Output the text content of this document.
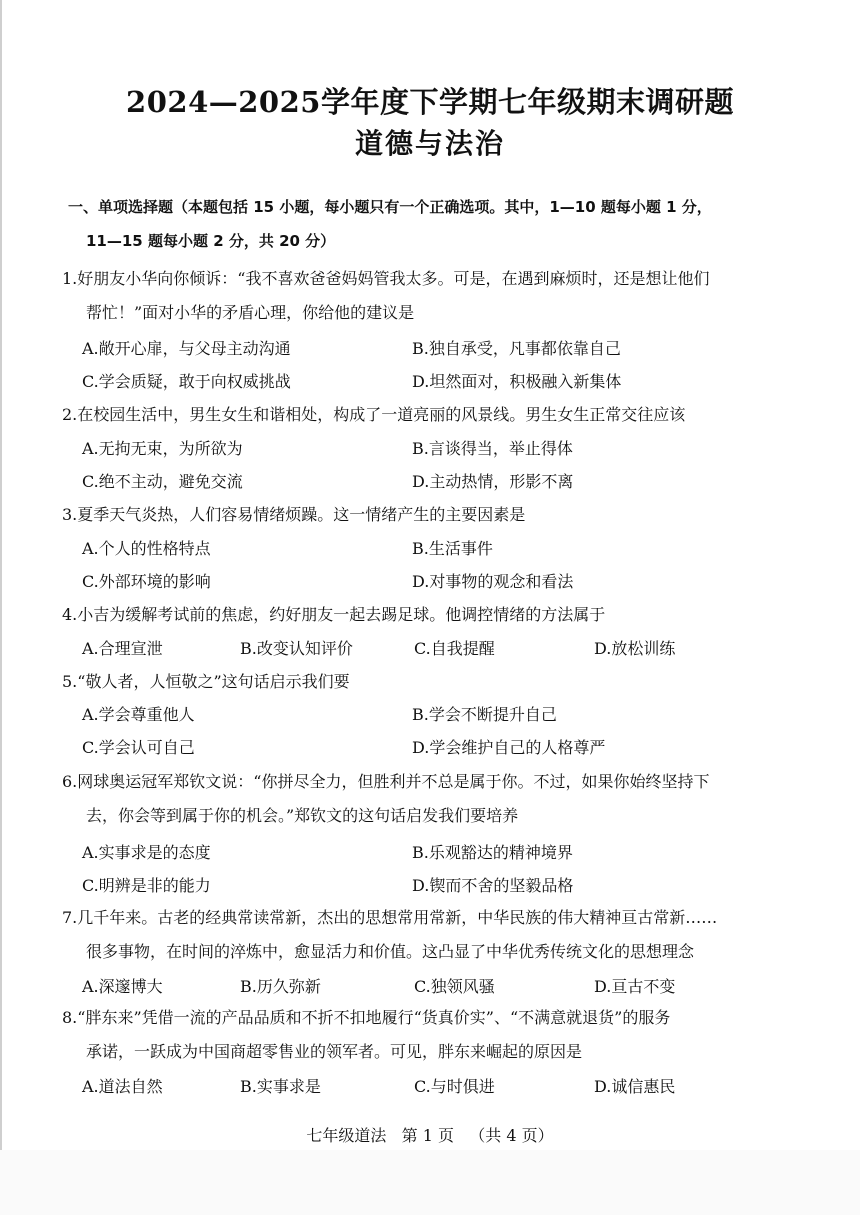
2024—2025学年度下学期七年级期末调研题
道德与法治
一、单项选择题（本题包括 15 小题，每小题只有一个正确选项。其中，1—10 题每小题 1 分，
11—15 题每小题 2 分，共 20 分）
1.好朋友小华向你倾诉：“我不喜欢爸爸妈妈管我太多。可是，在遇到麻烦时，还是想让他们
帮忙！”面对小华的矛盾心理，你给他的建议是
A.敞开心扉，与父母主动沟通	B.独自承受，凡事都依靠自己
C.学会质疑，敢于向权威挑战	D.坦然面对，积极融入新集体
2.在校园生活中，男生女生和谐相处，构成了一道亮丽的风景线。男生女生正常交往应该
A.无拘无束，为所欲为	B.言谈得当，举止得体
C.绝不主动，避免交流	D.主动热情，形影不离
3.夏季天气炎热，人们容易情绪烦躁。这一情绪产生的主要因素是
A.个人的性格特点	B.生活事件
C.外部环境的影响	D.对事物的观念和看法
4.小吉为缓解考试前的焦虑，约好朋友一起去踢足球。他调控情绪的方法属于
A.合理宣泄	B.改变认知评价	C.自我提醒	D.放松训练
5.“敬人者，人恒敬之”这句话启示我们要
A.学会尊重他人	B.学会不断提升自己
C.学会认可自己	D.学会维护自己的人格尊严
6.网球奥运冠军郑钦文说：“你拼尽全力，但胜利并不总是属于你。不过，如果你始终坚持下
去，你会等到属于你的机会。”郑钦文的这句话启发我们要培养
A.实事求是的态度	B.乐观豁达的精神境界
C.明辨是非的能力	D.锲而不舍的坚毅品格
7.几千年来。古老的经典常读常新，杰出的思想常用常新，中华民族的伟大精神亘古常新……
很多事物，在时间的淬炼中，愈显活力和价值。这凸显了中华优秀传统文化的思想理念
A.深邃博大	B.历久弥新	C.独领风骚	D.亘古不变
8.“胖东来”凭借一流的产品品质和不折不扣地履行“货真价实”、“不满意就退货”的服务
承诺，一跃成为中国商超零售业的领军者。可见，胖东来崛起的原因是
A.道法自然	B.实事求是	C.与时俱进	D.诚信惠民
七年级道法   第 1 页   （共 4 页）
